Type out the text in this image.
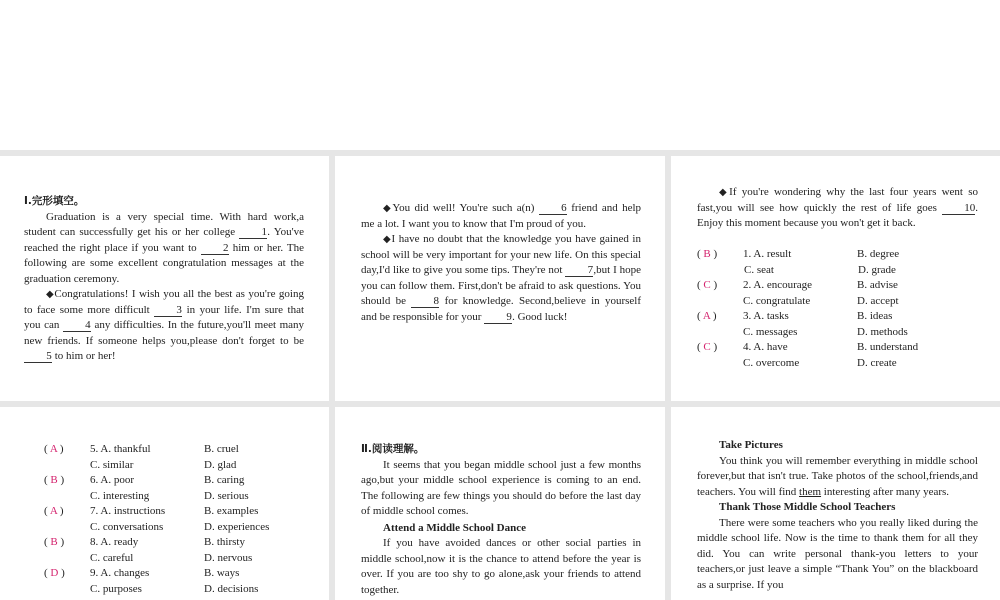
Ⅰ.完形填空。

Graduation is a very special time. With hard work,a student can successfully get his or her college 1. You've reached the right place if you want to 2 him or her. The following are some excellent congratulation messages at the graduation ceremony.

◆Congratulations! I wish you all the best as you're going to face some more difficult 3 in your life. I'm sure that you can 4 any difficulties. In the future,you'll meet many new friends. If someone helps you,please don't forget to be 5 to him or her!

◆You did well! You're such a(n) 6 friend and help me a lot. I want you to know that I'm proud of you.

◆I have no doubt that the knowledge you have gained in school will be very important for your new life. On this special day,I'd like to give you some tips. They're not 7,but I hope you can follow them. First,don't be afraid to ask questions. You should be	8 for knowledge. Second,believe in yourself and be responsible for your 9. Good luck!

◆If you're wondering why the last four years went so fast,you will see how quickly the rest of life goes 10. Enjoy this moment because you won't get it back.

( B )	1. A. result	B. degree
C. seat	D. grade
( C )	2. A. encourage	B. advise
C. congratulate	D. accept
( A )	3. A. tasks	B. ideas
C. messages	D. methods
( C )	4. A. have	B. understand
C. overcome	D. create
( A )	5. A. thankful	B. cruel
C. similar	D. glad
( B )	6. A. poor	B. caring
C. interesting	D. serious
( A )	7. A. instructions	B. examples
C. conversations	D. experiences
( B )	8. A. ready	B. thirsty
C. careful	D. nervous
( D )	9. A. changes	B. ways
C. purposes	D. decisions

Ⅱ.阅读理解。

It seems that you began middle school just a few months ago,but your middle school experience is coming to an end. The following are few things you should do before the last day of middle school comes.

Attend a Middle School Dance

If you have avoided dances or other social parties in middle school,now it is the chance to attend before the year is over. If you are too shy to go alone,ask your friends to attend together.

Take Pictures

You think you will remember everything in middle school forever,but that isn't true. Take photos of the school,friends,and teachers. You will find them interesting after many years.

Thank Those Middle School Teachers

There were some teachers who you really liked during the middle school life. Now is the time to thank them for all they did. You can write personal thank-you letters to your teachers,or just leave a simple “Thank You” on the blackboard as a surprise. If you
